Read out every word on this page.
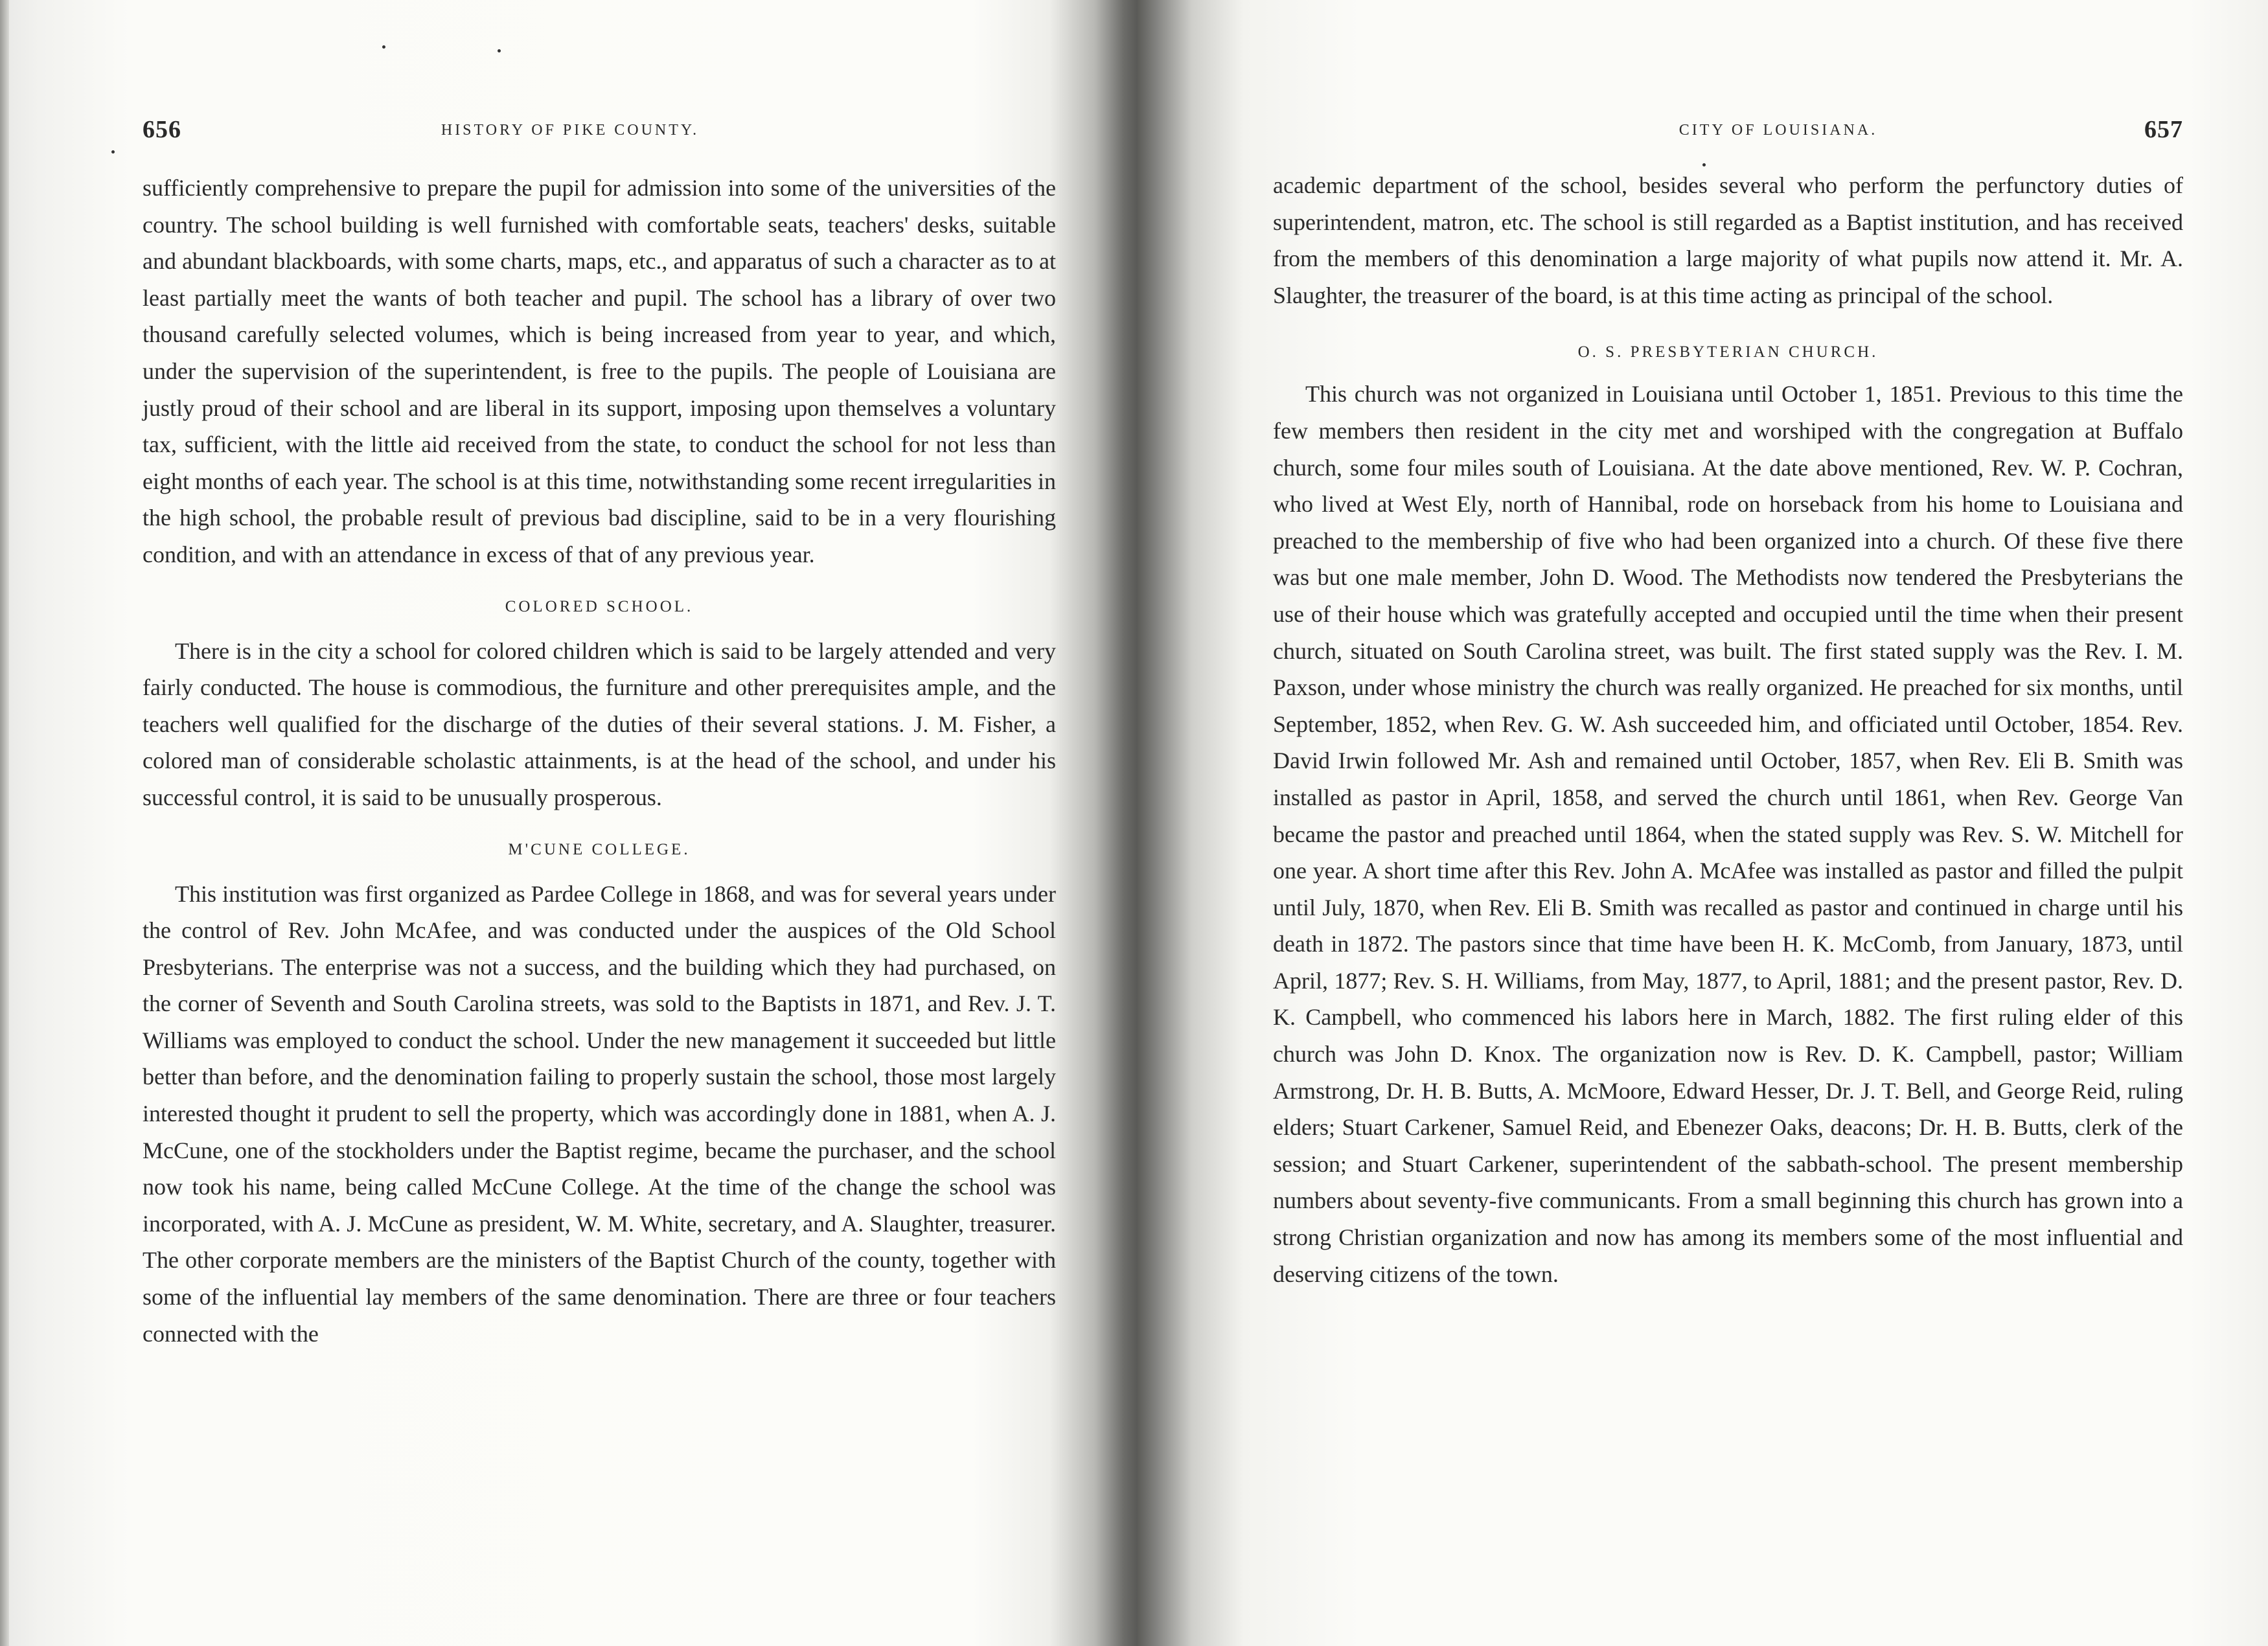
656	HISTORY OF PIKE COUNTY.

sufficiently comprehensive to prepare the pupil for admission into some of the universities of the country. The school building is well furnished with comfortable seats, teachers' desks, suitable and abundant blackboards, with some charts, maps, etc., and apparatus of such a character as to at least partially meet the wants of both teacher and pupil. The school has a library of over two thousand carefully selected volumes, which is being increased from year to year, and which, under the supervision of the superintendent, is free to the pupils. The people of Louisiana are justly proud of their school and are liberal in its support, imposing upon themselves a voluntary tax, sufficient, with the little aid received from the state, to conduct the school for not less than eight months of each year. The school is at this time, notwithstanding some recent irregularities in the high school, the probable result of previous bad discipline, said to be in a very flourishing condition, and with an attendance in excess of that of any previous year.

COLORED SCHOOL.

There is in the city a school for colored children which is said to be largely attended and very fairly conducted. The house is commodious, the furniture and other prerequisites ample, and the teachers well qualified for the discharge of the duties of their several stations. J. M. Fisher, a colored man of considerable scholastic attainments, is at the head of the school, and under his successful control, it is said to be unusually prosperous.

M'CUNE COLLEGE.

This institution was first organized as Pardee College in 1868, and was for several years under the control of Rev. John McAfee, and was conducted under the auspices of the Old School Presbyterians. The enterprise was not a success, and the building which they had purchased, on the corner of Seventh and South Carolina streets, was sold to the Baptists in 1871, and Rev. J. T. Williams was employed to conduct the school. Under the new management it succeeded but little better than before, and the denomination failing to properly sustain the school, those most largely interested thought it prudent to sell the property, which was accordingly done in 1881, when A. J. McCune, one of the stockholders under the Baptist regime, became the purchaser, and the school now took his name, being called McCune College. At the time of the change the school was incorporated, with A. J. McCune as president, W. M. White, secretary, and A. Slaughter, treasurer. The other corporate members are the ministers of the Baptist Church of the county, together with some of the influential lay members of the same denomination. There are three or four teachers connected with the

CITY OF LOUISIANA.	657

academic department of the school, besides several who perform the perfunctory duties of superintendent, matron, etc. The school is still regarded as a Baptist institution, and has received from the members of this denomination a large majority of what pupils now attend it. Mr. A. Slaughter, the treasurer of the board, is at this time acting as principal of the school.

O. S. PRESBYTERIAN CHURCH.

This church was not organized in Louisiana until October 1, 1851. Previous to this time the few members then resident in the city met and worshiped with the congregation at Buffalo church, some four miles south of Louisiana. At the date above mentioned, Rev. W. P. Cochran, who lived at West Ely, north of Hannibal, rode on horseback from his home to Louisiana and preached to the membership of five who had been organized into a church. Of these five there was but one male member, John D. Wood. The Methodists now tendered the Presbyterians the use of their house which was gratefully accepted and occupied until the time when their present church, situated on South Carolina street, was built. The first stated supply was the Rev. I. M. Paxson, under whose ministry the church was really organized. He preached for six months, until September, 1852, when Rev. G. W. Ash succeeded him, and officiated until October, 1854. Rev. David Irwin followed Mr. Ash and remained until October, 1857, when Rev. Eli B. Smith was installed as pastor in April, 1858, and served the church until 1861, when Rev. George Van became the pastor and preached until 1864, when the stated supply was Rev. S. W. Mitchell for one year. A short time after this Rev. John A. McAfee was installed as pastor and filled the pulpit until July, 1870, when Rev. Eli B. Smith was recalled as pastor and continued in charge until his death in 1872. The pastors since that time have been H. K. McComb, from January, 1873, until April, 1877; Rev. S. H. Williams, from May, 1877, to April, 1881; and the present pastor, Rev. D. K. Campbell, who commenced his labors here in March, 1882. The first ruling elder of this church was John D. Knox. The organization now is Rev. D. K. Campbell, pastor; William Armstrong, Dr. H. B. Butts, A. McMoore, Edward Hesser, Dr. J. T. Bell, and George Reid, ruling elders; Stuart Carkener, Samuel Reid, and Ebenezer Oaks, deacons; Dr. H. B. Butts, clerk of the session; and Stuart Carkener, superintendent of the sabbath-school. The present membership numbers about seventy-five communicants. From a small beginning this church has grown into a strong Christian organization and now has among its members some of the most influential and deserving citizens of the town.
